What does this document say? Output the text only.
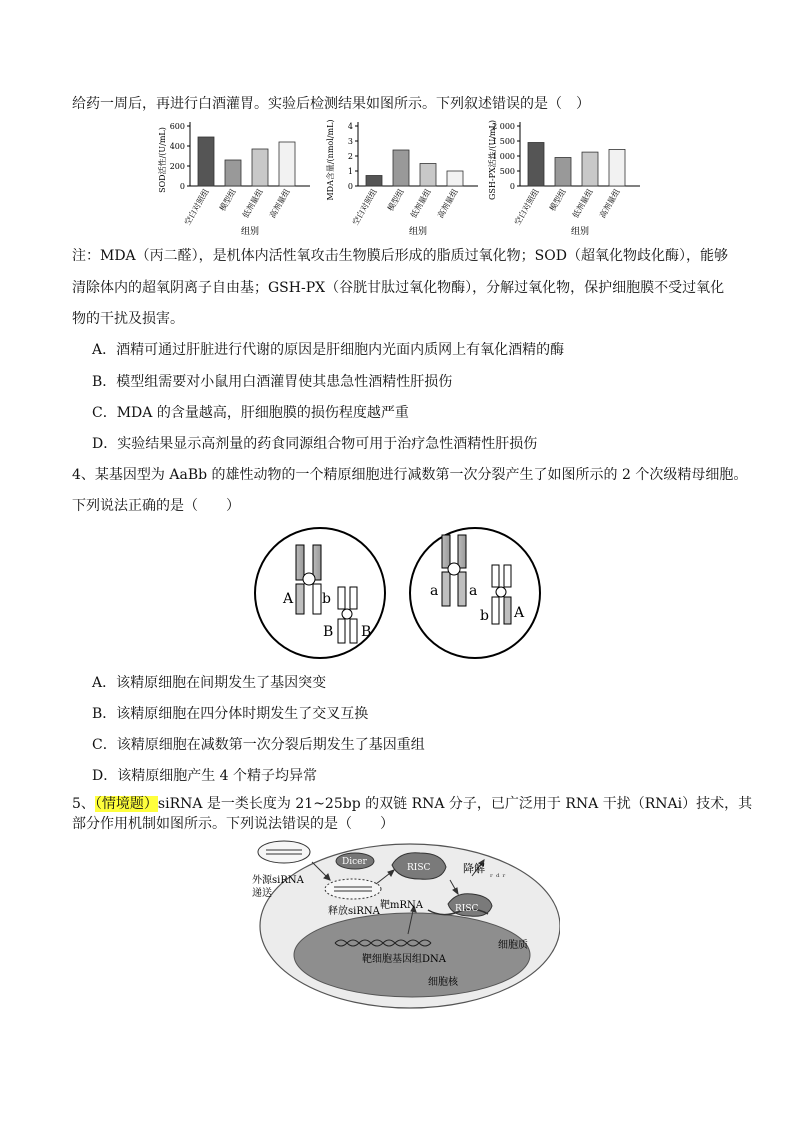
给药一周后，再进行白酒灌胃。实验后检测结果如图所示。下列叙述错误的是（　）
0
200
400
600
SOD活性/(U/mL)
空白对照组 模型组 低剂量组 高剂量组
组别
0
1
2
3
4
MDA含量/(nmol/mL)
空白对照组 模型组 低剂量组 高剂量组
组别
0
500
1 000
1 500
2 000
GSH-PX活性/(U/mL)
空白对照组 模型组 低剂量组 高剂量组
组别
注：MDA（丙二醛），是机体内活性氧攻击生物膜后形成的脂质过氧化物；SOD（超氧化物歧化酶），能够
清除体内的超氧阴离子自由基；GSH-PX（谷胱甘肽过氧化物酶），分解过氧化物，保护细胞膜不受过氧化
物的干扰及损害。
A．酒精可通过肝脏进行代谢的原因是肝细胞内光面内质网上有氧化酒精的酶
B．模型组需要对小鼠用白酒灌胃使其患急性酒精性肝损伤
C．MDA 的含量越高，肝细胞膜的损伤程度越严重
D．实验结果显示高剂量的药食同源组合物可用于治疗急性酒精性肝损伤
4、某基因型为 AaBb 的雄性动物的一个精原细胞进行减数第一次分裂产生了如图所示的 2 个次级精母细胞。
下列说法正确的是（　　）
A b
B B
a a
b A
A．该精原细胞在间期发生了基因突变
B．该精原细胞在四分体时期发生了交叉互换
C．该精原细胞在减数第一次分裂后期发生了基因重组
D．该精原细胞产生 4 个精子均异常
5、（情境题）siRNA 是一类长度为 21~25bp 的双链 RNA 分子，已广泛用于 RNA 干扰（RNAi）技术，其
部分作用机制如图所示。下列说法错误的是（　　）
ʳ ᵈ ʳ
Dicer
RISC	降解
外源siRNA
递送
释放siRNA
靶mRNA	RISC
细胞质
靶细胞基因组DNA
细胞核
